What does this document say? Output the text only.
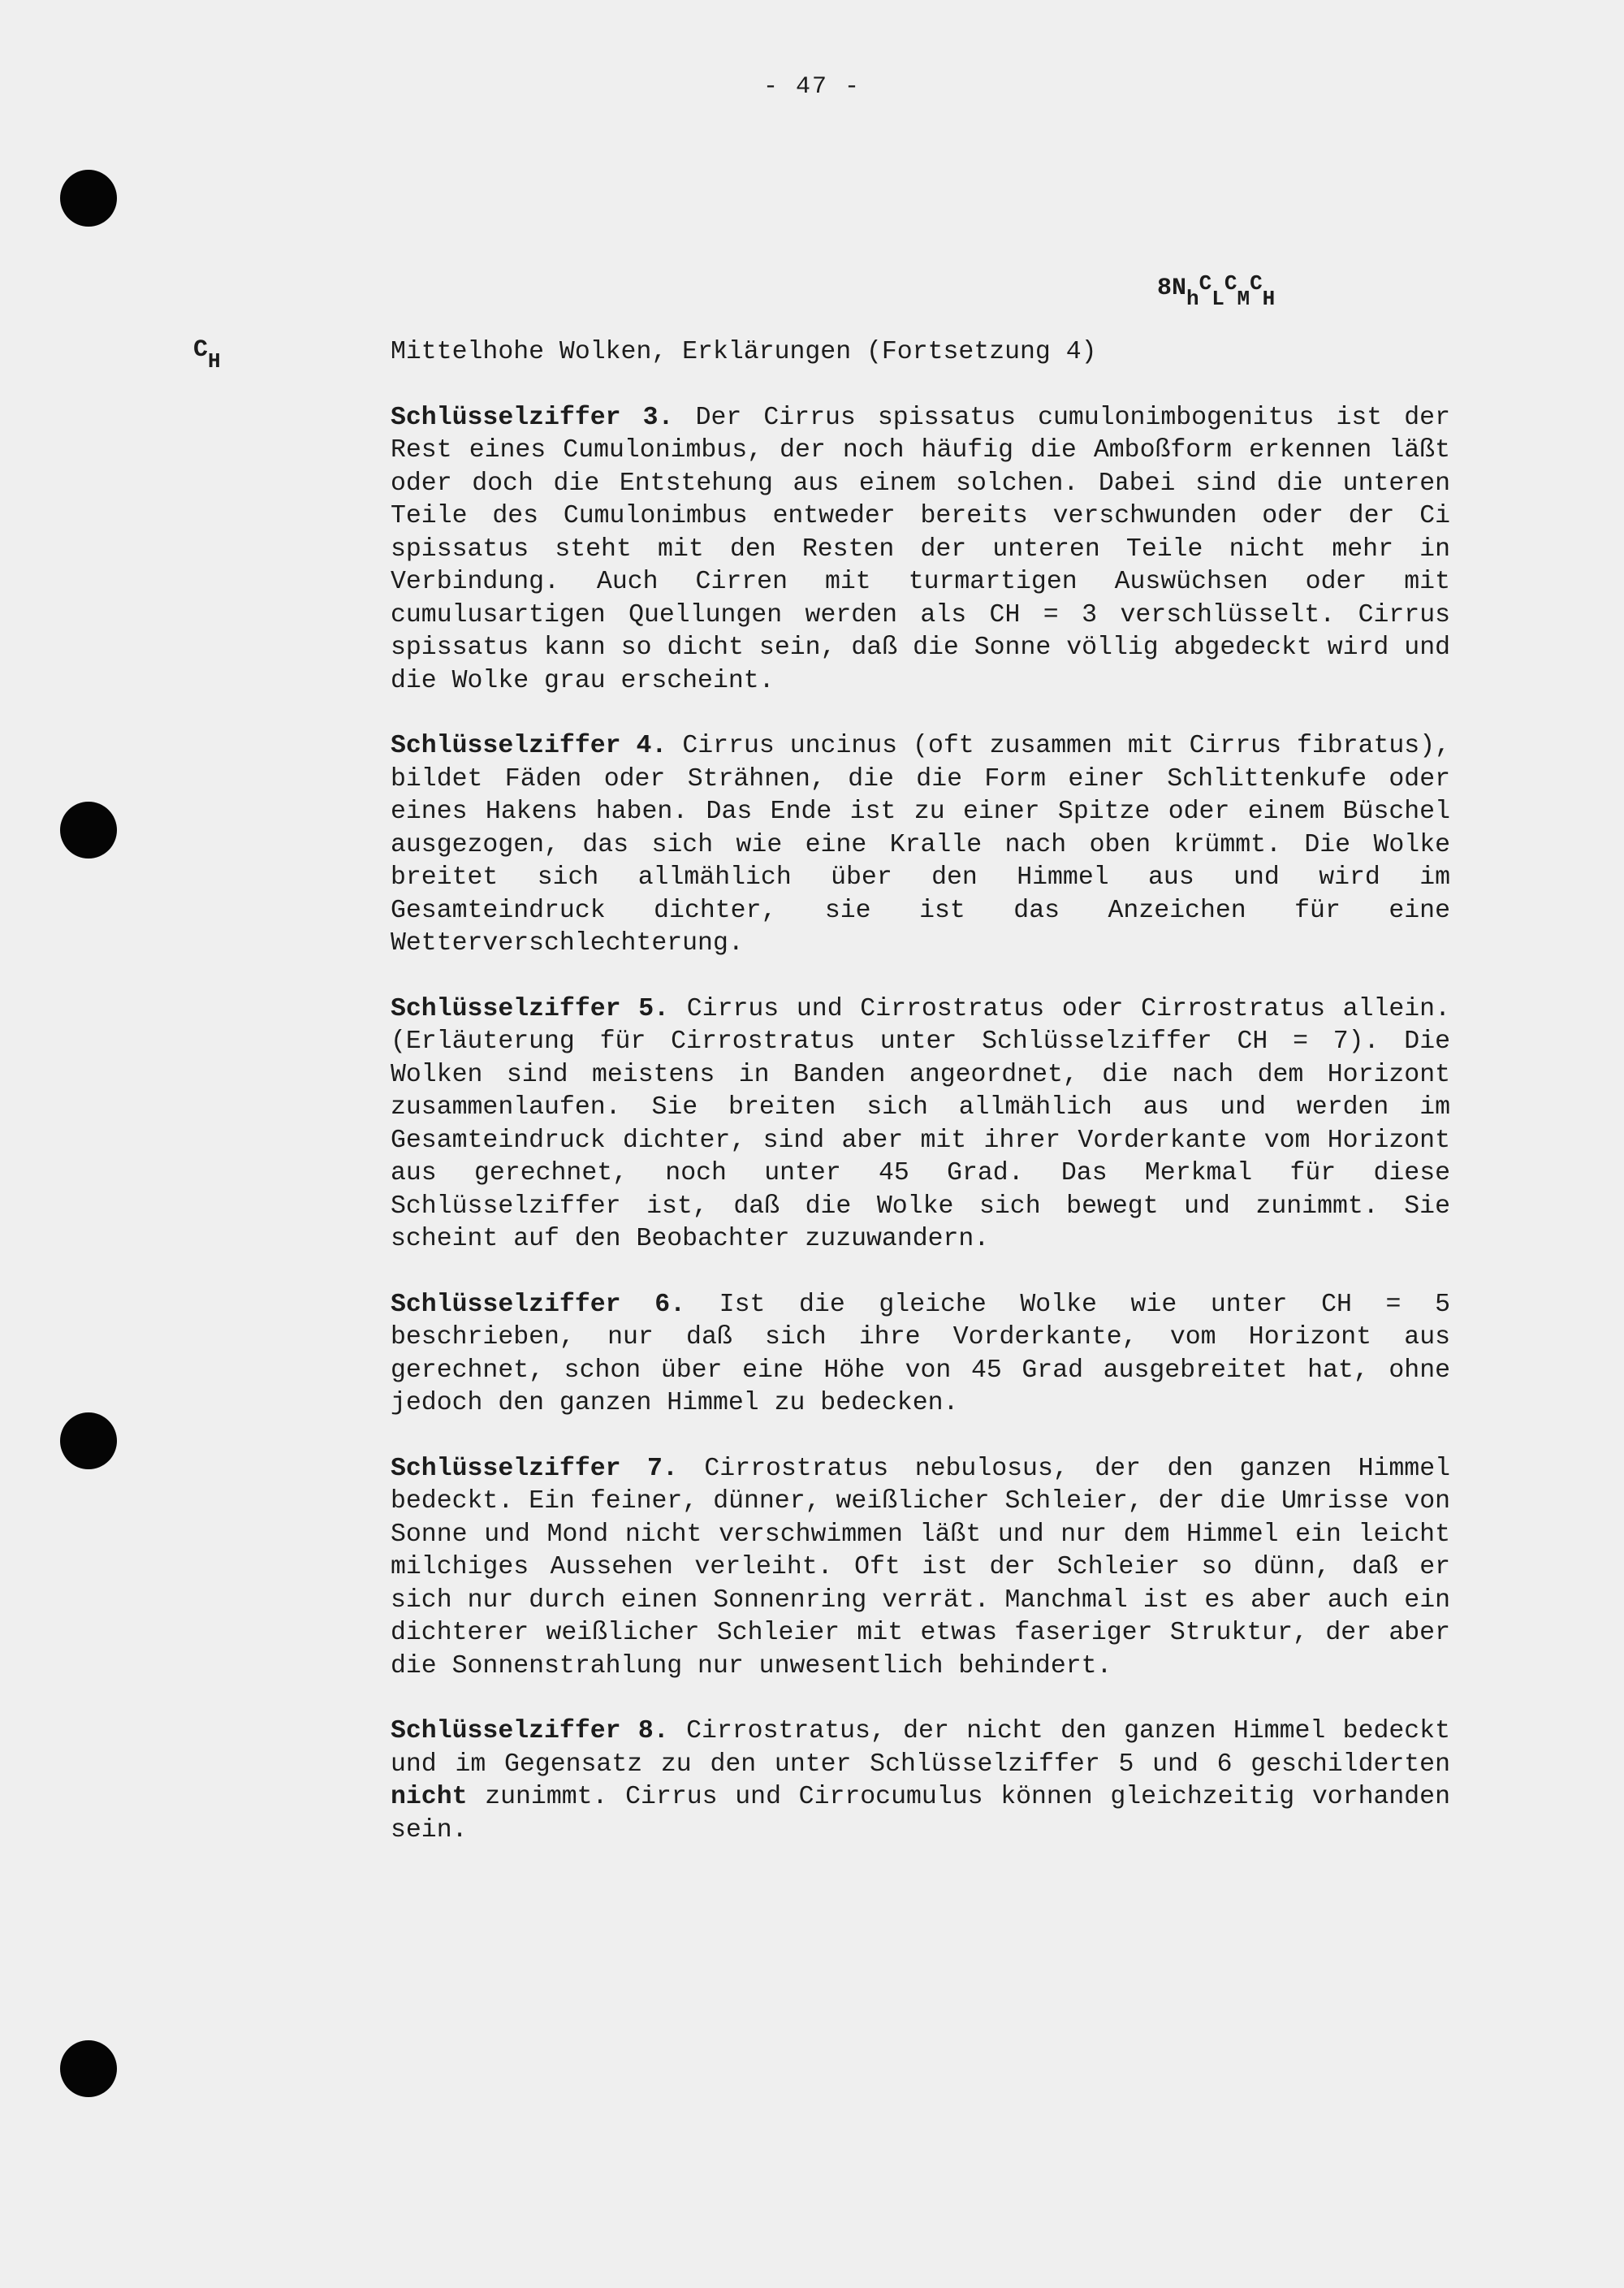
- 47 -
8NhCLCMCH
CH	Mittelhohe Wolken, Erklärungen (Fortsetzung 4)

Schlüsselziffer 3. Der Cirrus spissatus cumulonimbogenitus ist der Rest eines Cumulonimbus, der noch häufig die Amboßform erkennen läßt oder doch die Entstehung aus einem solchen. Dabei sind die unteren Teile des Cumulonimbus entweder bereits verschwunden oder der Ci spissatus steht mit den Resten der unteren Teile nicht mehr in Verbindung. Auch Cirren mit turmartigen Auswüchsen oder mit cumulusartigen Quellungen werden als CH = 3 verschlüsselt. Cirrus spissatus kann so dicht sein, daß die Sonne völlig abgedeckt wird und die Wolke grau erscheint.

Schlüsselziffer 4. Cirrus uncinus (oft zusammen mit Cirrus fibratus), bildet Fäden oder Strähnen, die die Form einer Schlittenkufe oder eines Hakens haben. Das Ende ist zu einer Spitze oder einem Büschel ausgezogen, das sich wie eine Kralle nach oben krümmt. Die Wolke breitet sich allmählich über den Himmel aus und wird im Gesamteindruck dichter, sie ist das Anzeichen für eine Wetterverschlechterung.

Schlüsselziffer 5. Cirrus und Cirrostratus oder Cirrostratus allein. (Erläuterung für Cirrostratus unter Schlüsselziffer CH = 7). Die Wolken sind meistens in Banden angeordnet, die nach dem Horizont zusammenlaufen. Sie breiten sich allmählich aus und werden im Gesamteindruck dichter, sind aber mit ihrer Vorderkante vom Horizont aus gerechnet, noch unter 45 Grad. Das Merkmal für diese Schlüsselziffer ist, daß die Wolke sich bewegt und zunimmt. Sie scheint auf den Beobachter zuzuwandern.

Schlüsselziffer 6. Ist die gleiche Wolke wie unter CH = 5 beschrieben, nur daß sich ihre Vorderkante, vom Horizont aus gerechnet, schon über eine Höhe von 45 Grad ausgebreitet hat, ohne jedoch den ganzen Himmel zu bedecken.

Schlüsselziffer 7. Cirrostratus nebulosus, der den ganzen Himmel bedeckt. Ein feiner, dünner, weißlicher Schleier, der die Umrisse von Sonne und Mond nicht verschwimmen läßt und nur dem Himmel ein leicht milchiges Aussehen verleiht. Oft ist der Schleier so dünn, daß er sich nur durch einen Sonnenring verrät. Manchmal ist es aber auch ein dichterer weißlicher Schleier mit etwas faseriger Struktur, der aber die Sonnenstrahlung nur unwesentlich behindert.

Schlüsselziffer 8. Cirrostratus, der nicht den ganzen Himmel bedeckt und im Gegensatz zu den unter Schlüsselziffer 5 und 6 geschilderten nicht zunimmt. Cirrus und Cirrocumulus können gleichzeitig vorhanden sein.
